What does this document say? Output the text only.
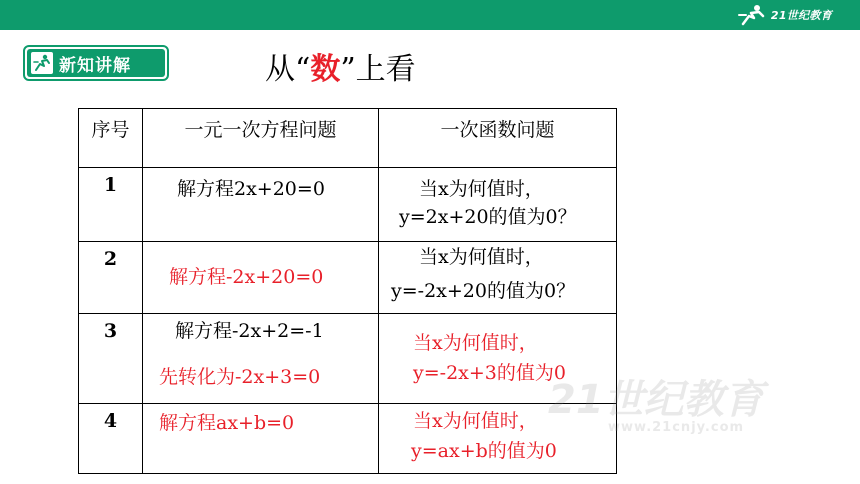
21世纪教育
新知讲解	从“数”上看
序号	一元一次方程问题	一次函数问题
1	解方程2x+20=0	当x为何值时，
y=2x+20的值为0？

2	解方程-2x+20=0	当x为何值时，
y=-2x+20的值为0？

3	解方程-2x+2=-1
先转化为-2x+3=0	当x为何值时，
y=-2x+3的值为0

4	解方程ax+b=0	当x为何值时，
y=ax+b的值为0
21世纪教育
www.21cnjy.com
